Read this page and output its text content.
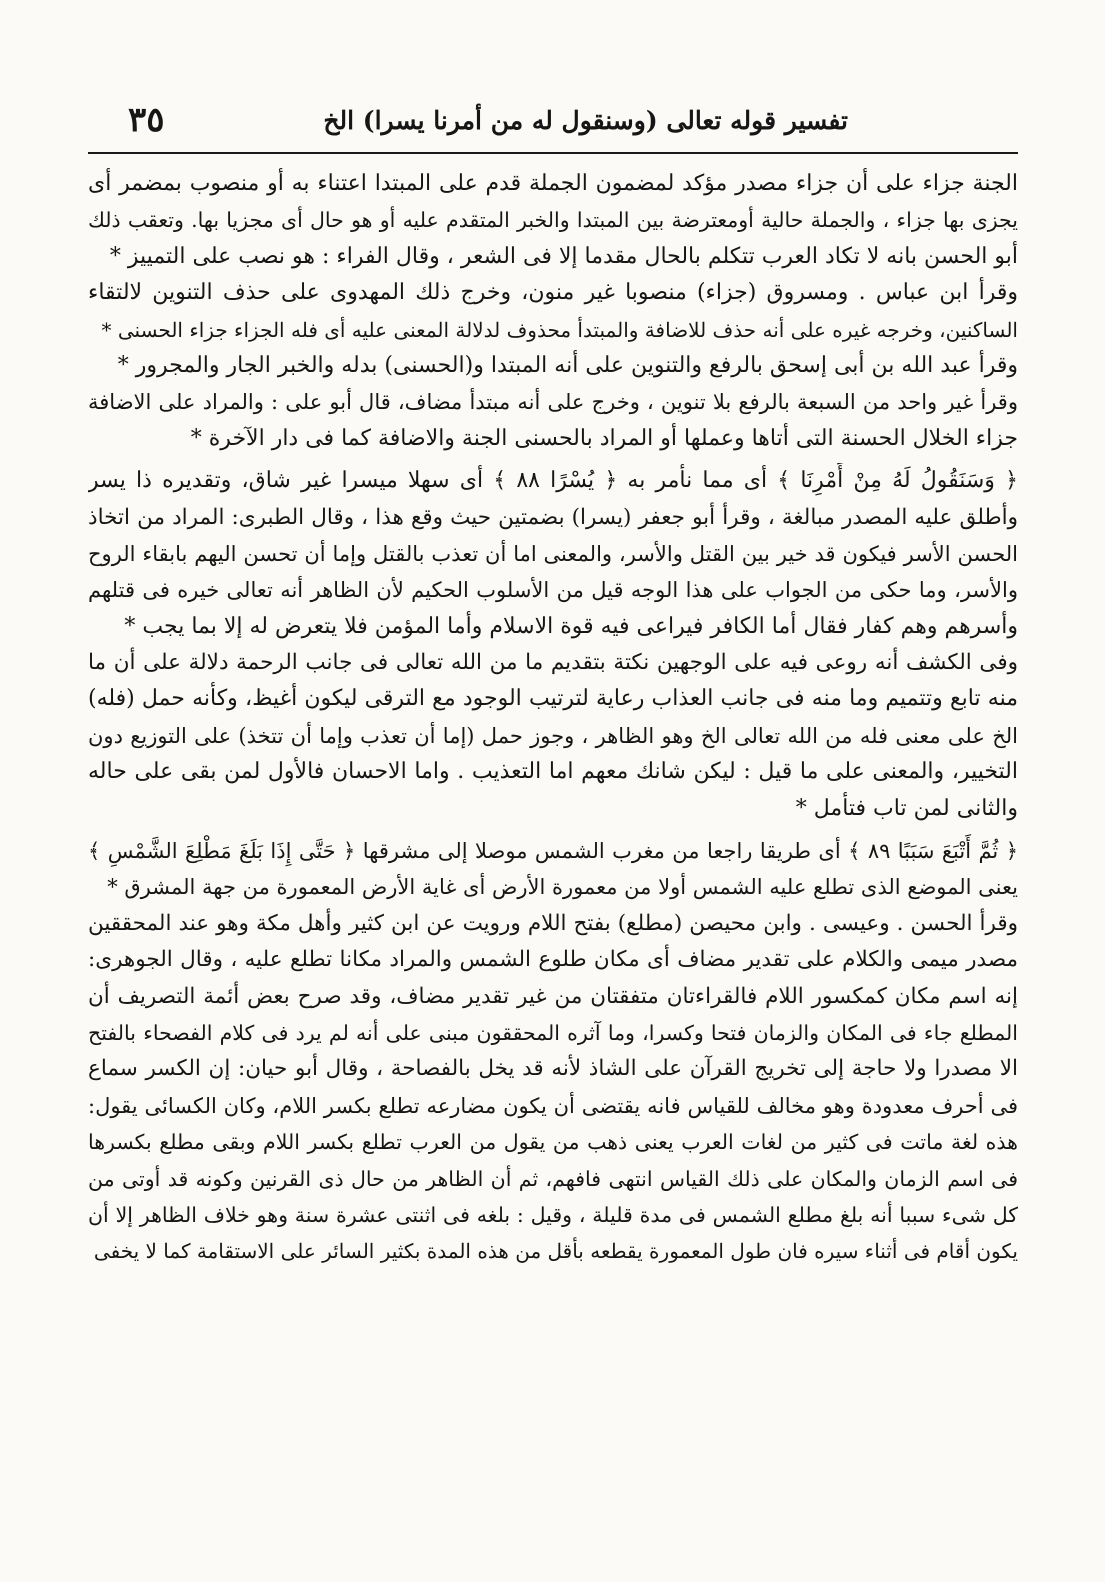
تفسير قوله تعالى (وسنقول له من أمرنا يسرا) الخ
٣٥
الجنة جزاء على أن جزاء مصدر مؤكد لمضمون الجملة قدم على المبتدا اعتناء به أو منصوب بمضمر أى
يجزى بها جزاء ، والجملة حالية أومعترضة بين المبتدا والخبر المتقدم عليه أو هو حال أى مجزيا بها. وتعقب ذلك
أبو الحسن بانه لا تكاد العرب تتكلم بالحال مقدما إلا فى الشعر ، وقال الفراء : هو نصب على التمييز *
وقرأ ابن عباس . ومسروق (جزاء) منصوبا غير منون، وخرج ذلك المهدوى على حذف التنوين لالتقاء
الساكنين، وخرجه غيره على أنه حذف للاضافة والمبتدأ محذوف لدلالة المعنى عليه أى فله الجزاء جزاء الحسنى *
وقرأ عبد الله بن أبى إسحق بالرفع والتنوين على أنه المبتدا و(الحسنى) بدله والخبر الجار والمجرور *
وقرأ غير واحد من السبعة بالرفع بلا تنوين ، وخرج على أنه مبتدأ مضاف، قال أبو على : والمراد على الاضافة
جزاء الخلال الحسنة التى أتاها وعملها أو المراد بالحسنى الجنة والاضافة كما فى دار الآخرة *
﴿ وَسَنَقُولُ لَهُ مِنْ أَمْرِنَا ﴾ أى مما نأمر به ﴿ يُسْرًا ٨٨ ﴾ أى سهلا ميسرا غير شاق، وتقديره ذا يسر
وأطلق عليه المصدر مبالغة ، وقرأ أبو جعفر (يسرا) بضمتين حيث وقع هذا ، وقال الطبرى: المراد من اتخاذ
الحسن الأسر فيكون قد خير بين القتل والأسر، والمعنى اما أن تعذب بالقتل وإما أن تحسن اليهم بابقاء الروح
والأسر، وما حكى من الجواب على هذا الوجه قيل من الأسلوب الحكيم لأن الظاهر أنه تعالى خيره فى قتلهم
وأسرهم وهم كفار فقال أما الكافر فيراعى فيه قوة الاسلام وأما المؤمن فلا يتعرض له إلا بما يجب *
وفى الكشف أنه روعى فيه على الوجهين نكتة بتقديم ما من الله تعالى فى جانب الرحمة دلالة على أن ما
منه تابع وتتميم وما منه فى جانب العذاب رعاية لترتيب الوجود مع الترقى ليكون أغيظ، وكأنه حمل (فله)
الخ على معنى فله من الله تعالى الخ وهو الظاهر ، وجوز حمل (إما أن تعذب وإما أن تتخذ) على التوزيع دون
التخيير، والمعنى على ما قيل : ليكن شانك معهم اما التعذيب . واما الاحسان فالأول لمن بقى على حاله
والثانى لمن تاب فتأمل *
﴿ ثُمَّ أَتْبَعَ سَبَبًا ٨٩ ﴾ أى طريقا راجعا من مغرب الشمس موصلا إلى مشرقها ﴿ حَتَّى إِذَا بَلَغَ مَطْلِعَ الشَّمْسِ ﴾
يعنى الموضع الذى تطلع عليه الشمس أولا من معمورة الأرض أى غاية الأرض المعمورة من جهة المشرق *
وقرأ الحسن . وعيسى . وابن محيصن (مطلع) بفتح اللام ورويت عن ابن كثير وأهل مكة وهو عند المحققين
مصدر ميمى والكلام على تقدير مضاف أى مكان طلوع الشمس والمراد مكانا تطلع عليه ، وقال الجوهرى:
إنه اسم مكان كمكسور اللام فالقراءتان متفقتان من غير تقدير مضاف، وقد صرح بعض أئمة التصريف أن
المطلع جاء فى المكان والزمان فتحا وكسرا، وما آثره المحققون مبنى على أنه لم يرد فى كلام الفصحاء بالفتح
الا مصدرا ولا حاجة إلى تخريج القرآن على الشاذ لأنه قد يخل بالفصاحة ، وقال أبو حيان: إن الكسر سماع
فى أحرف معدودة وهو مخالف للقياس فانه يقتضى أن يكون مضارعه تطلع بكسر اللام، وكان الكسائى يقول:
هذه لغة ماتت فى كثير من لغات العرب يعنى ذهب من يقول من العرب تطلع بكسر اللام وبقى مطلع بكسرها
فى اسم الزمان والمكان على ذلك القياس انتهى فافهم، ثم أن الظاهر من حال ذى القرنين وكونه قد أوتى من
كل شىء سببا أنه بلغ مطلع الشمس فى مدة قليلة ، وقيل : بلغه فى اثنتى عشرة سنة وهو خلاف الظاهر إلا أن
يكون أقام فى أثناء سيره فان طول المعمورة يقطعه بأقل من هذه المدة بكثير السائر على الاستقامة كما لا يخفى
